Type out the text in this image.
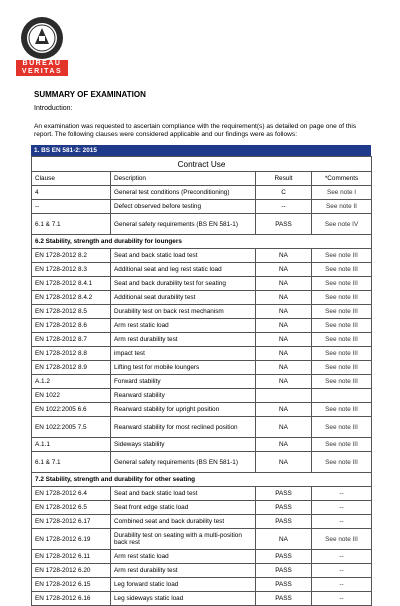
BUREAU
VERITAS
SUMMARY OF EXAMINATION
Introduction:
An examination was requested to ascertain compliance with the requirement(s) as detailed on page one of this report. The following clauses were considered applicable and our findings were as follows:
1. BS EN 581-2: 2015
Contract Use			
Clause	Description	Result	*Comments
4	General test conditions (Preconditioning)	C	See note I
--	Defect observed before testing	--	See note II
6.1 & 7.1	General safety requirements (BS EN 581-1)	PASS	See note IV
6.2 Stability, strength and durability for loungers			
EN 1728-2012 8.2	Seat and back static load test	NA	See note III
EN 1728-2012 8.3	Additional seat and leg rest static load	NA	See note III
EN 1728-2012 8.4.1	Seat and back durability test for seating	NA	See note III
EN 1728-2012 8.4.2	Additional seat durability test	NA	See note III
EN 1728-2012 8.5	Durability test on back rest mechanism	NA	See note III
EN 1728-2012 8.6	Arm rest static load	NA	See note III
EN 1728-2012 8.7	Arm rest durability test	NA	See note III
EN 1728-2012 8.8	impact test	NA	See note III
EN 1728-2012 8.9	Lifting test for mobile loungers	NA	See note III
A.1.2	Forward stability	NA	See note III
EN 1022	Rearward stability		
EN 1022:2005 6.6	Rearward stability for upright position	NA	See note III
EN 1022:2005 7.5	Rearward stability for most reclined position	NA	See note III
A.1.1	Sideways stability	NA	See note III
6.1 & 7.1	General safety requirements (BS EN 581-1)	NA	See note III
7.2 Stability, strength and durability for other seating			
EN 1728-2012 6.4	Seat and back static load test	PASS	--
EN 1728-2012 6.5	Seat front edge static load	PASS	--
EN 1728-2012 6.17	Combined seat and back durability test	PASS	--
EN 1728-2012 6.19	Durability test on seating with a multi-position back rest	NA	See note III
EN 1728-2012 6.11	Arm rest static load	PASS	--
EN 1728-2012 6.20	Arm rest durability test	PASS	--
EN 1728-2012 6.15	Leg forward static load	PASS	--
EN 1728-2012 6.16	Leg sideways static load	PASS	--
